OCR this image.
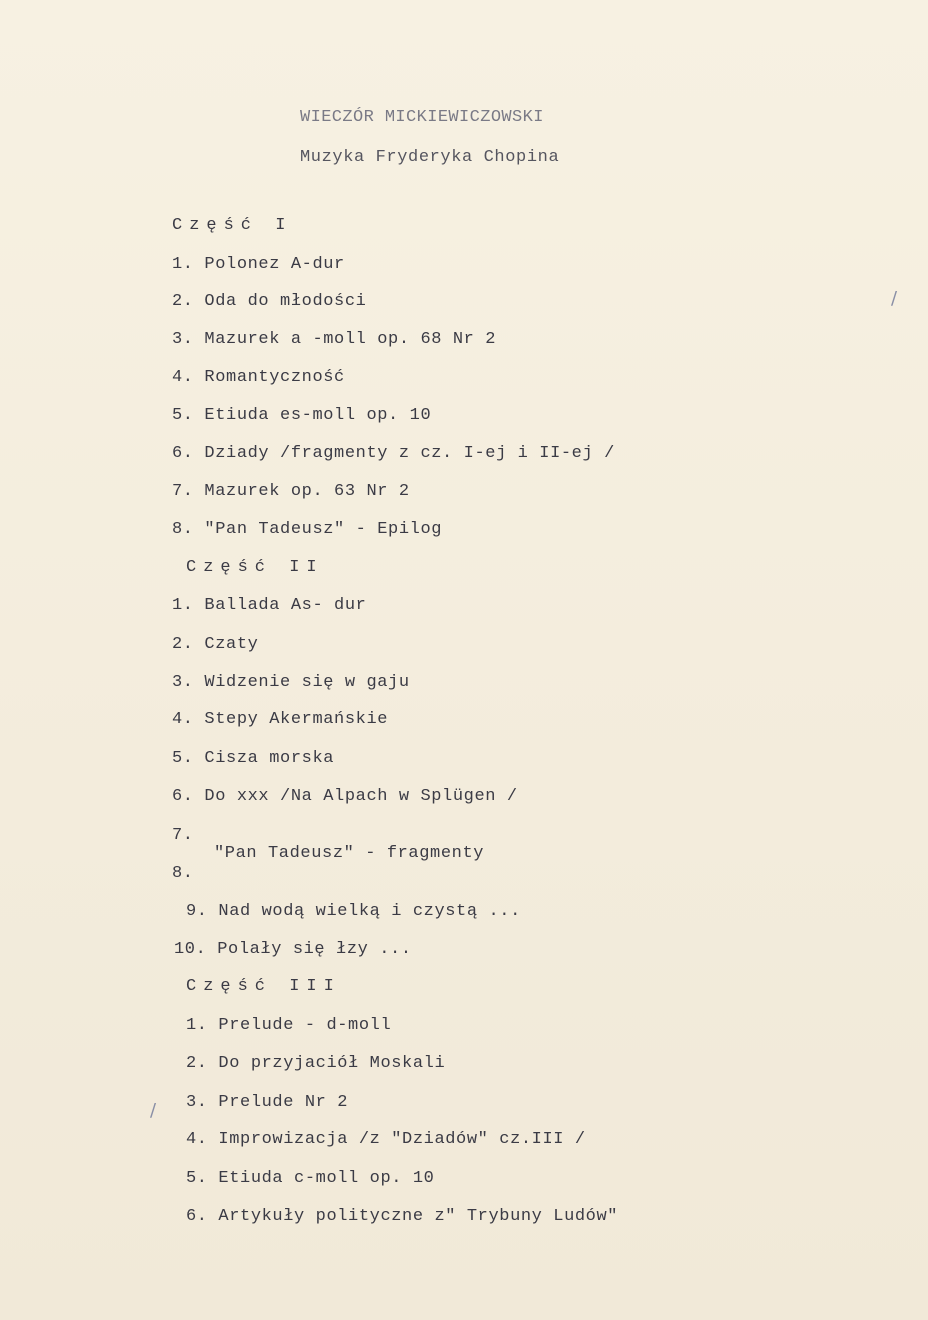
WIECZÓR MICKIEWICZOWSKI
Muzyka Fryderyka Chopina
Część I
1. Polonez A-dur
2. Oda do młodości
3. Mazurek a -moll op. 68 Nr 2
4. Romantyczność
5. Etiuda es-moll op. 10
6. Dziady /fragmenty z cz. I-ej i II-ej /
7. Mazurek op. 63 Nr 2
8. "Pan Tadeusz" - Epilog
Część II
1. Ballada As- dur
2. Czaty
3. Widzenie się w gaju
4. Stepy Akermańskie
5. Cisza morska
6. Do xxx /Na Alpach w Splügen /
7.
"Pan Tadeusz" - fragmenty
8.
9. Nad wodą wielką i czystą ...
10. Polały się łzy ...
Część III
1. Prelude - d-moll
2. Do przyjaciół Moskali
3. Prelude Nr 2
4. Improwizacja /z "Dziadów" cz.III /
5. Etiuda c-moll op. 10
6. Artykuły polityczne z" Trybuny Ludów"
/
/
